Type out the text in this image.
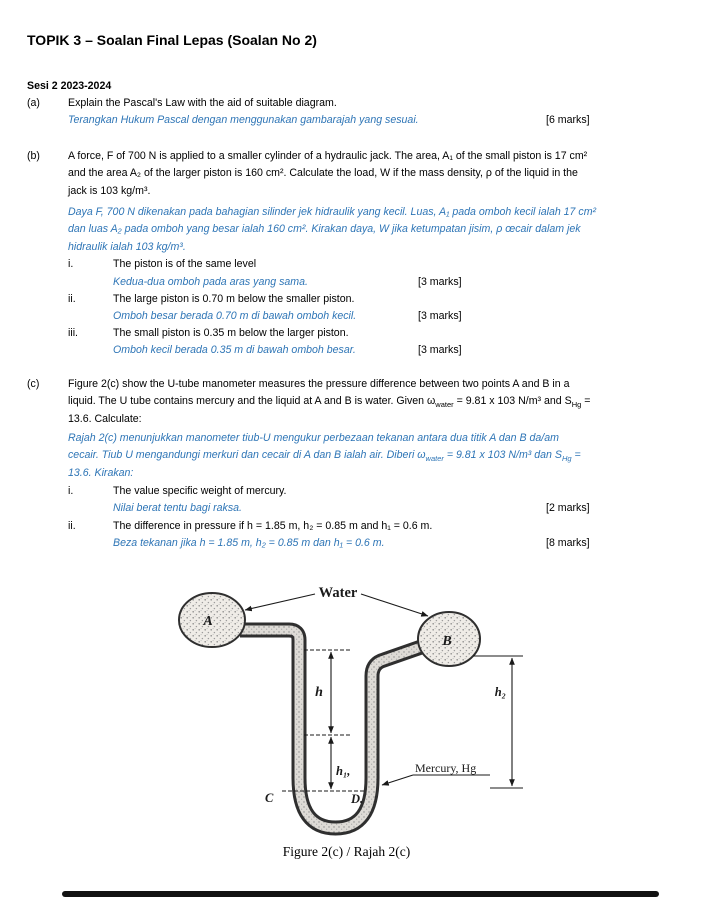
TOPIK 3 – Soalan Final Lepas (Soalan No 2)
Sesi 2 2023-2024
(a)	Explain the Pascal's Law with the aid of suitable diagram.
Terangkan Hukum Pascal dengan menggunakan gambarajah yang sesuai.	[6 marks]
(b)	A force, F of 700 N is applied to a smaller cylinder of a hydraulic jack. The area, A₁ of the small piston is 17 cm²
and the area A₂ of the larger piston is 160 cm². Calculate the load, W if the mass density, ρ of the liquid in the
jack is 103 kg/m³.
Daya F, 700 N dikenakan pada bahagian silinder jek hidraulik yang kecil. Luas, A₁ pada omboh kecil ialah 17 cm²
dan luas A₂ pada omboh yang besar ialah 160 cm². Kirakan daya, W jika ketumpatan jisim, ρ œcair dalam jek
hidraulik ialah 103 kg/m³.
i.	The piston is of the same level
Kedua-dua omboh pada aras yang sama.	[3 marks]
ii.	The large piston is 0.70 m below the smaller piston.
Omboh besar berada 0.70 m di bawah omboh kecil.	[3 marks]
iii.	The small piston is 0.35 m below the larger piston.
Omboh kecil berada 0.35 m di bawah omboh besar.	[3 marks]
(c)	Figure 2(c) show the U-tube manometer measures the pressure difference between two points A and B in a
liquid. The U tube contains mercury and the liquid at A and B is water. Given $\omega_{water} = 9.81$ x 103 N/m³ and $S_{Hg}$ =
13.6. Calculate:
Rajah 2(c) menunjukkan manometer tiub-U mengukur perbezaan tekanan antara dua titik A dan B da/am
cecair. Tiub U mengandungi merkuri dan cecair di A dan B ialah air. Diberi $\omega_{water} = 9.81$ x 103 N/m³ dan $S_{Hg}$ =
13.6. Kirakan:
i.	The value specific weight of mercury.
Nilai berat tentu bagi raksa.	[2 marks]
ii.	The difference in pressure if h = 1.85 m, h₂ = 0.85 m and h₁ = 0.6 m.
Beza tekanan jika h = 1.85 m, h₂ = 0.85 m dan h₁ = 0.6 m.	[8 marks]
A
B
Water
h
h₁,
h₂
Mercury, Hg
C	D.
Figure 2(c) / Rajah 2(c)
